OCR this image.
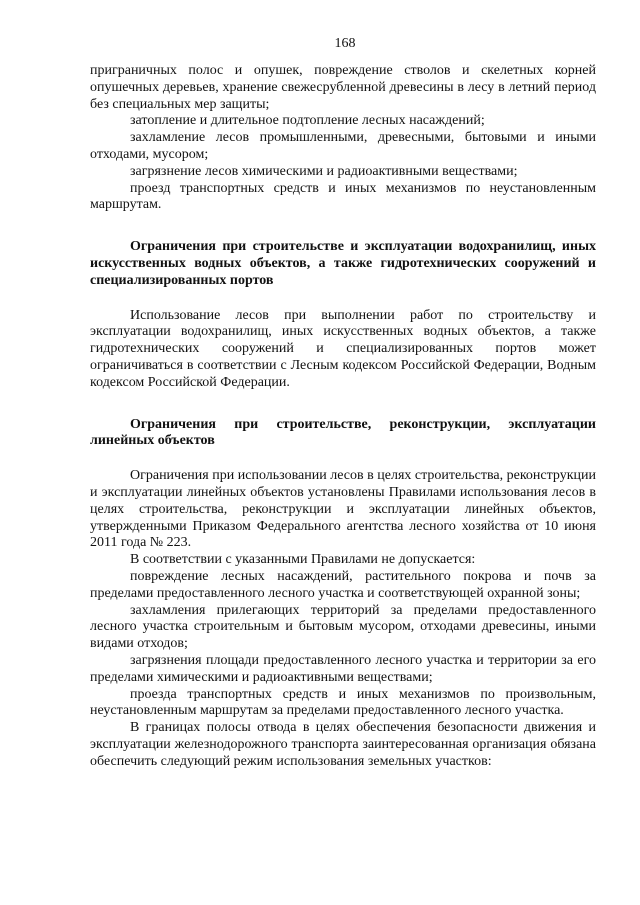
168

приграничных полос и опушек, повреждение стволов и скелетных корней опушечных деревьев, хранение свежесрубленной древесины в лесу в летний период без специальных мер защиты;

затопление и длительное подтопление лесных насаждений;

захламление лесов промышленными, древесными, бытовыми и иными отходами, мусором;

загрязнение лесов химическими и радиоактивными веществами;

проезд транспортных средств и иных механизмов по неустановленным маршрутам.

Ограничения при строительстве и эксплуатации водохранилищ, иных искусственных водных объектов, а также гидротехнических сооружений и специализированных портов

Использование лесов при выполнении работ по строительству и эксплуатации водохранилищ, иных искусственных водных объектов, а также гидротехнических сооружений и специализированных портов может ограничиваться в соответствии с Лесным кодексом Российской Федерации, Водным кодексом Российской Федерации.

Ограничения при строительстве, реконструкции, эксплуатации линейных объектов

Ограничения при использовании лесов в целях строительства, реконструкции и эксплуатации линейных объектов установлены Правилами использования лесов в целях строительства, реконструкции и эксплуатации линейных объектов, утвержденными Приказом Федерального агентства лесного хозяйства от 10 июня 2011 года № 223.

В соответствии с указанными Правилами не допускается:

повреждение лесных насаждений, растительного покрова и почв за пределами предоставленного лесного участка и соответствующей охранной зоны;

захламления прилегающих территорий за пределами предоставленного лесного участка строительным и бытовым мусором, отходами древесины, иными видами отходов;

загрязнения площади предоставленного лесного участка и территории за его пределами химическими и радиоактивными веществами;

проезда транспортных средств и иных механизмов по произвольным, неустановленным маршрутам за пределами предоставленного лесного участка.

В границах полосы отвода в целях обеспечения безопасности движения и эксплуатации железнодорожного транспорта заинтересованная организация обязана обеспечить следующий режим использования земельных участков:
